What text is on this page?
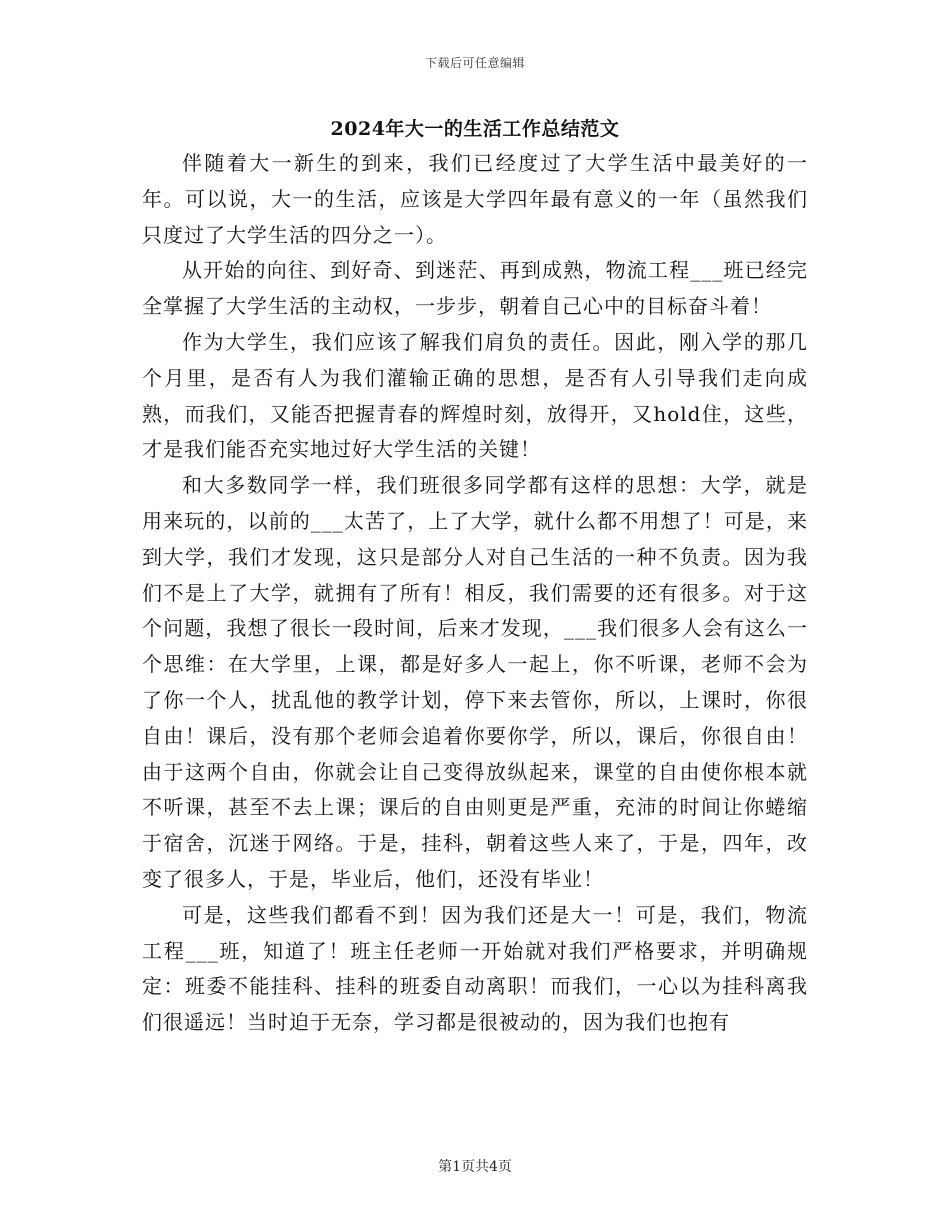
下载后可任意编辑
2024年大一的生活工作总结范文

伴随着大一新生的到来，我们已经度过了大学生活中最美好的一年。可以说，大一的生活，应该是大学四年最有意义的一年（虽然我们只度过了大学生活的四分之一）。

从开始的向往、到好奇、到迷茫、再到成熟，物流工程___班已经完全掌握了大学生活的主动权，一步步，朝着自己心中的目标奋斗着！

作为大学生，我们应该了解我们肩负的责任。因此，刚入学的那几个月里，是否有人为我们灌输正确的思想，是否有人引导我们走向成熟，而我们，又能否把握青春的辉煌时刻，放得开，又hold住，这些，才是我们能否充实地过好大学生活的关键！

和大多数同学一样，我们班很多同学都有这样的思想：大学，就是用来玩的，以前的___太苦了，上了大学，就什么都不用想了！可是，来到大学，我们才发现，这只是部分人对自己生活的一种不负责。因为我们不是上了大学，就拥有了所有！相反，我们需要的还有很多。对于这个问题，我想了很长一段时间，后来才发现，___我们很多人会有这么一个思维：在大学里，上课，都是好多人一起上，你不听课，老师不会为了你一个人，扰乱他的教学计划，停下来去管你，所以，上课时，你很自由！课后，没有那个老师会追着你要你学，所以，课后，你很自由！由于这两个自由，你就会让自己变得放纵起来，课堂的自由使你根本就不听课，甚至不去上课；课后的自由则更是严重，充沛的时间让你蜷缩于宿舍，沉迷于网络。于是，挂科，朝着这些人来了，于是，四年，改变了很多人，于是，毕业后，他们，还没有毕业！

可是，这些我们都看不到！因为我们还是大一！可是，我们，物流工程___班，知道了！班主任老师一开始就对我们严格要求，并明确规定：班委不能挂科、挂科的班委自动离职！而我们，一心以为挂科离我们很遥远！当时迫于无奈，学习都是很被动的，因为我们也抱有

第1页共4页
